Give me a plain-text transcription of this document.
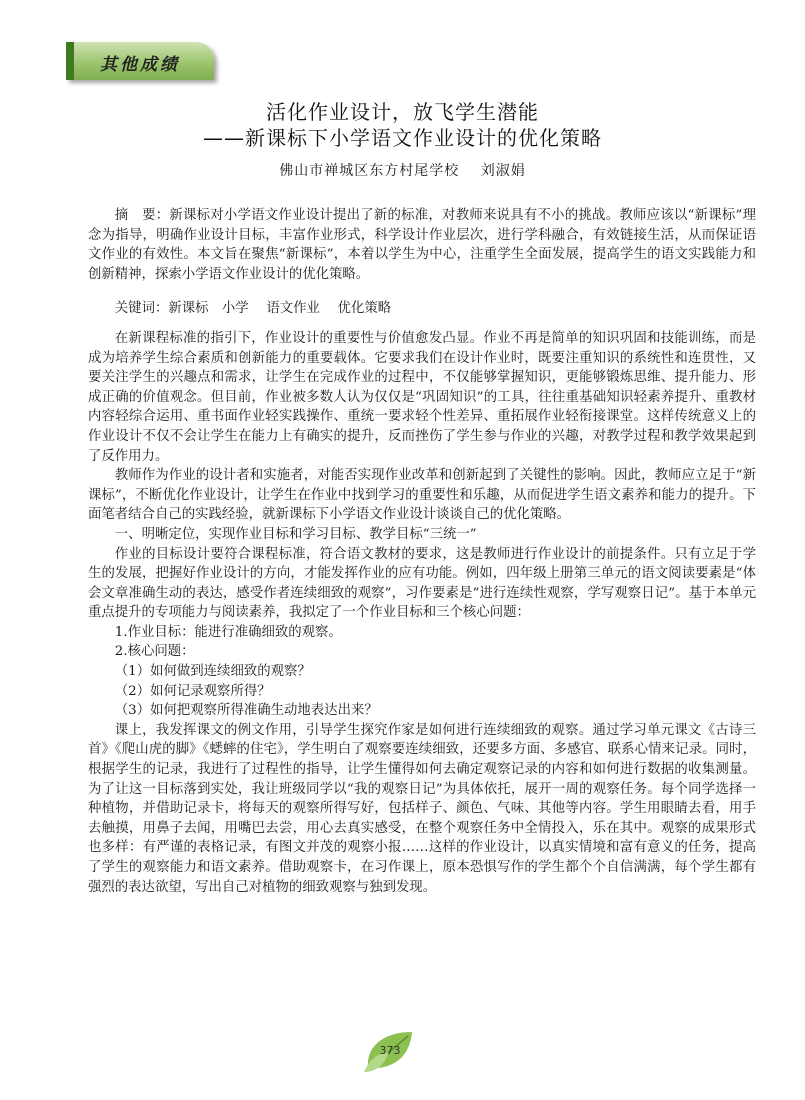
其他成绩
活化作业设计，放飞学生潜能
——新课标下小学语文作业设计的优化策略
佛山市禅城区东方村尾学校 刘淑娟

摘　要：新课标对小学语文作业设计提出了新的标准，对教师来说具有不小的挑战。教师应该以“新课标”理念为指导，明确作业设计目标，丰富作业形式，科学设计作业层次，进行学科融合，有效链接生活，从而保证语文作业的有效性。本文旨在聚焦“新课标”，本着以学生为中心，注重学生全面发展，提高学生的语文实践能力和创新精神，探索小学语文作业设计的优化策略。

关键词：新课标　小学　 语文作业　 优化策略

在新课程标准的指引下，作业设计的重要性与价值愈发凸显。作业不再是简单的知识巩固和技能训练，而是成为培养学生综合素质和创新能力的重要载体。它要求我们在设计作业时，既要注重知识的系统性和连贯性，又要关注学生的兴趣点和需求，让学生在完成作业的过程中，不仅能够掌握知识，更能够锻炼思维、提升能力、形成正确的价值观念。但目前，作业被多数人认为仅仅是“巩固知识”的工具，往往重基础知识轻素养提升、重教材内容轻综合运用、重书面作业轻实践操作、重统一要求轻个性差异、重拓展作业轻衔接课堂。这样传统意义上的作业设计不仅不会让学生在能力上有确实的提升，反而挫伤了学生参与作业的兴趣，对教学过程和教学效果起到了反作用力。

教师作为作业的设计者和实施者，对能否实现作业改革和创新起到了关键性的影响。因此，教师应立足于“新课标”，不断优化作业设计，让学生在作业中找到学习的重要性和乐趣，从而促进学生语文素养和能力的提升。下面笔者结合自己的实践经验，就新课标下小学语文作业设计谈谈自己的优化策略。

一、明晰定位，实现作业目标和学习目标、教学目标“三统一”

作业的目标设计要符合课程标准，符合语文教材的要求，这是教师进行作业设计的前提条件。只有立足于学生的发展，把握好作业设计的方向，才能发挥作业的应有功能。例如，四年级上册第三单元的语文阅读要素是“体会文章准确生动的表达，感受作者连续细致的观察”，习作要素是“进行连续性观察，学写观察日记”。基于本单元重点提升的专项能力与阅读素养，我拟定了一个作业目标和三个核心问题：

1.作业目标：能进行准确细致的观察。

2.核心问题：

（1）如何做到连续细致的观察？

（2）如何记录观察所得？

（3）如何把观察所得准确生动地表达出来？

课上，我发挥课文的例文作用，引导学生探究作家是如何进行连续细致的观察。通过学习单元课文《古诗三首》《爬山虎的脚》《蟋蟀的住宅》，学生明白了观察要连续细致，还要多方面、多感官、联系心情来记录。同时，根据学生的记录，我进行了过程性的指导，让学生懂得如何去确定观察记录的内容和如何进行数据的收集测量。为了让这一目标落到实处，我让班级同学以“我的观察日记”为具体依托，展开一周的观察任务。每个同学选择一种植物，并借助记录卡，将每天的观察所得写好，包括样子、颜色、气味、其他等内容。学生用眼睛去看，用手去触摸，用鼻子去闻，用嘴巴去尝，用心去真实感受，在整个观察任务中全情投入，乐在其中。观察的成果形式也多样：有严谨的表格记录，有图文并茂的观察小报……这样的作业设计，以真实情境和富有意义的任务，提高了学生的观察能力和语文素养。借助观察卡，在习作课上，原本恐惧写作的学生都个个自信满满，每个学生都有强烈的表达欲望，写出自己对植物的细致观察与独到发现。

373
